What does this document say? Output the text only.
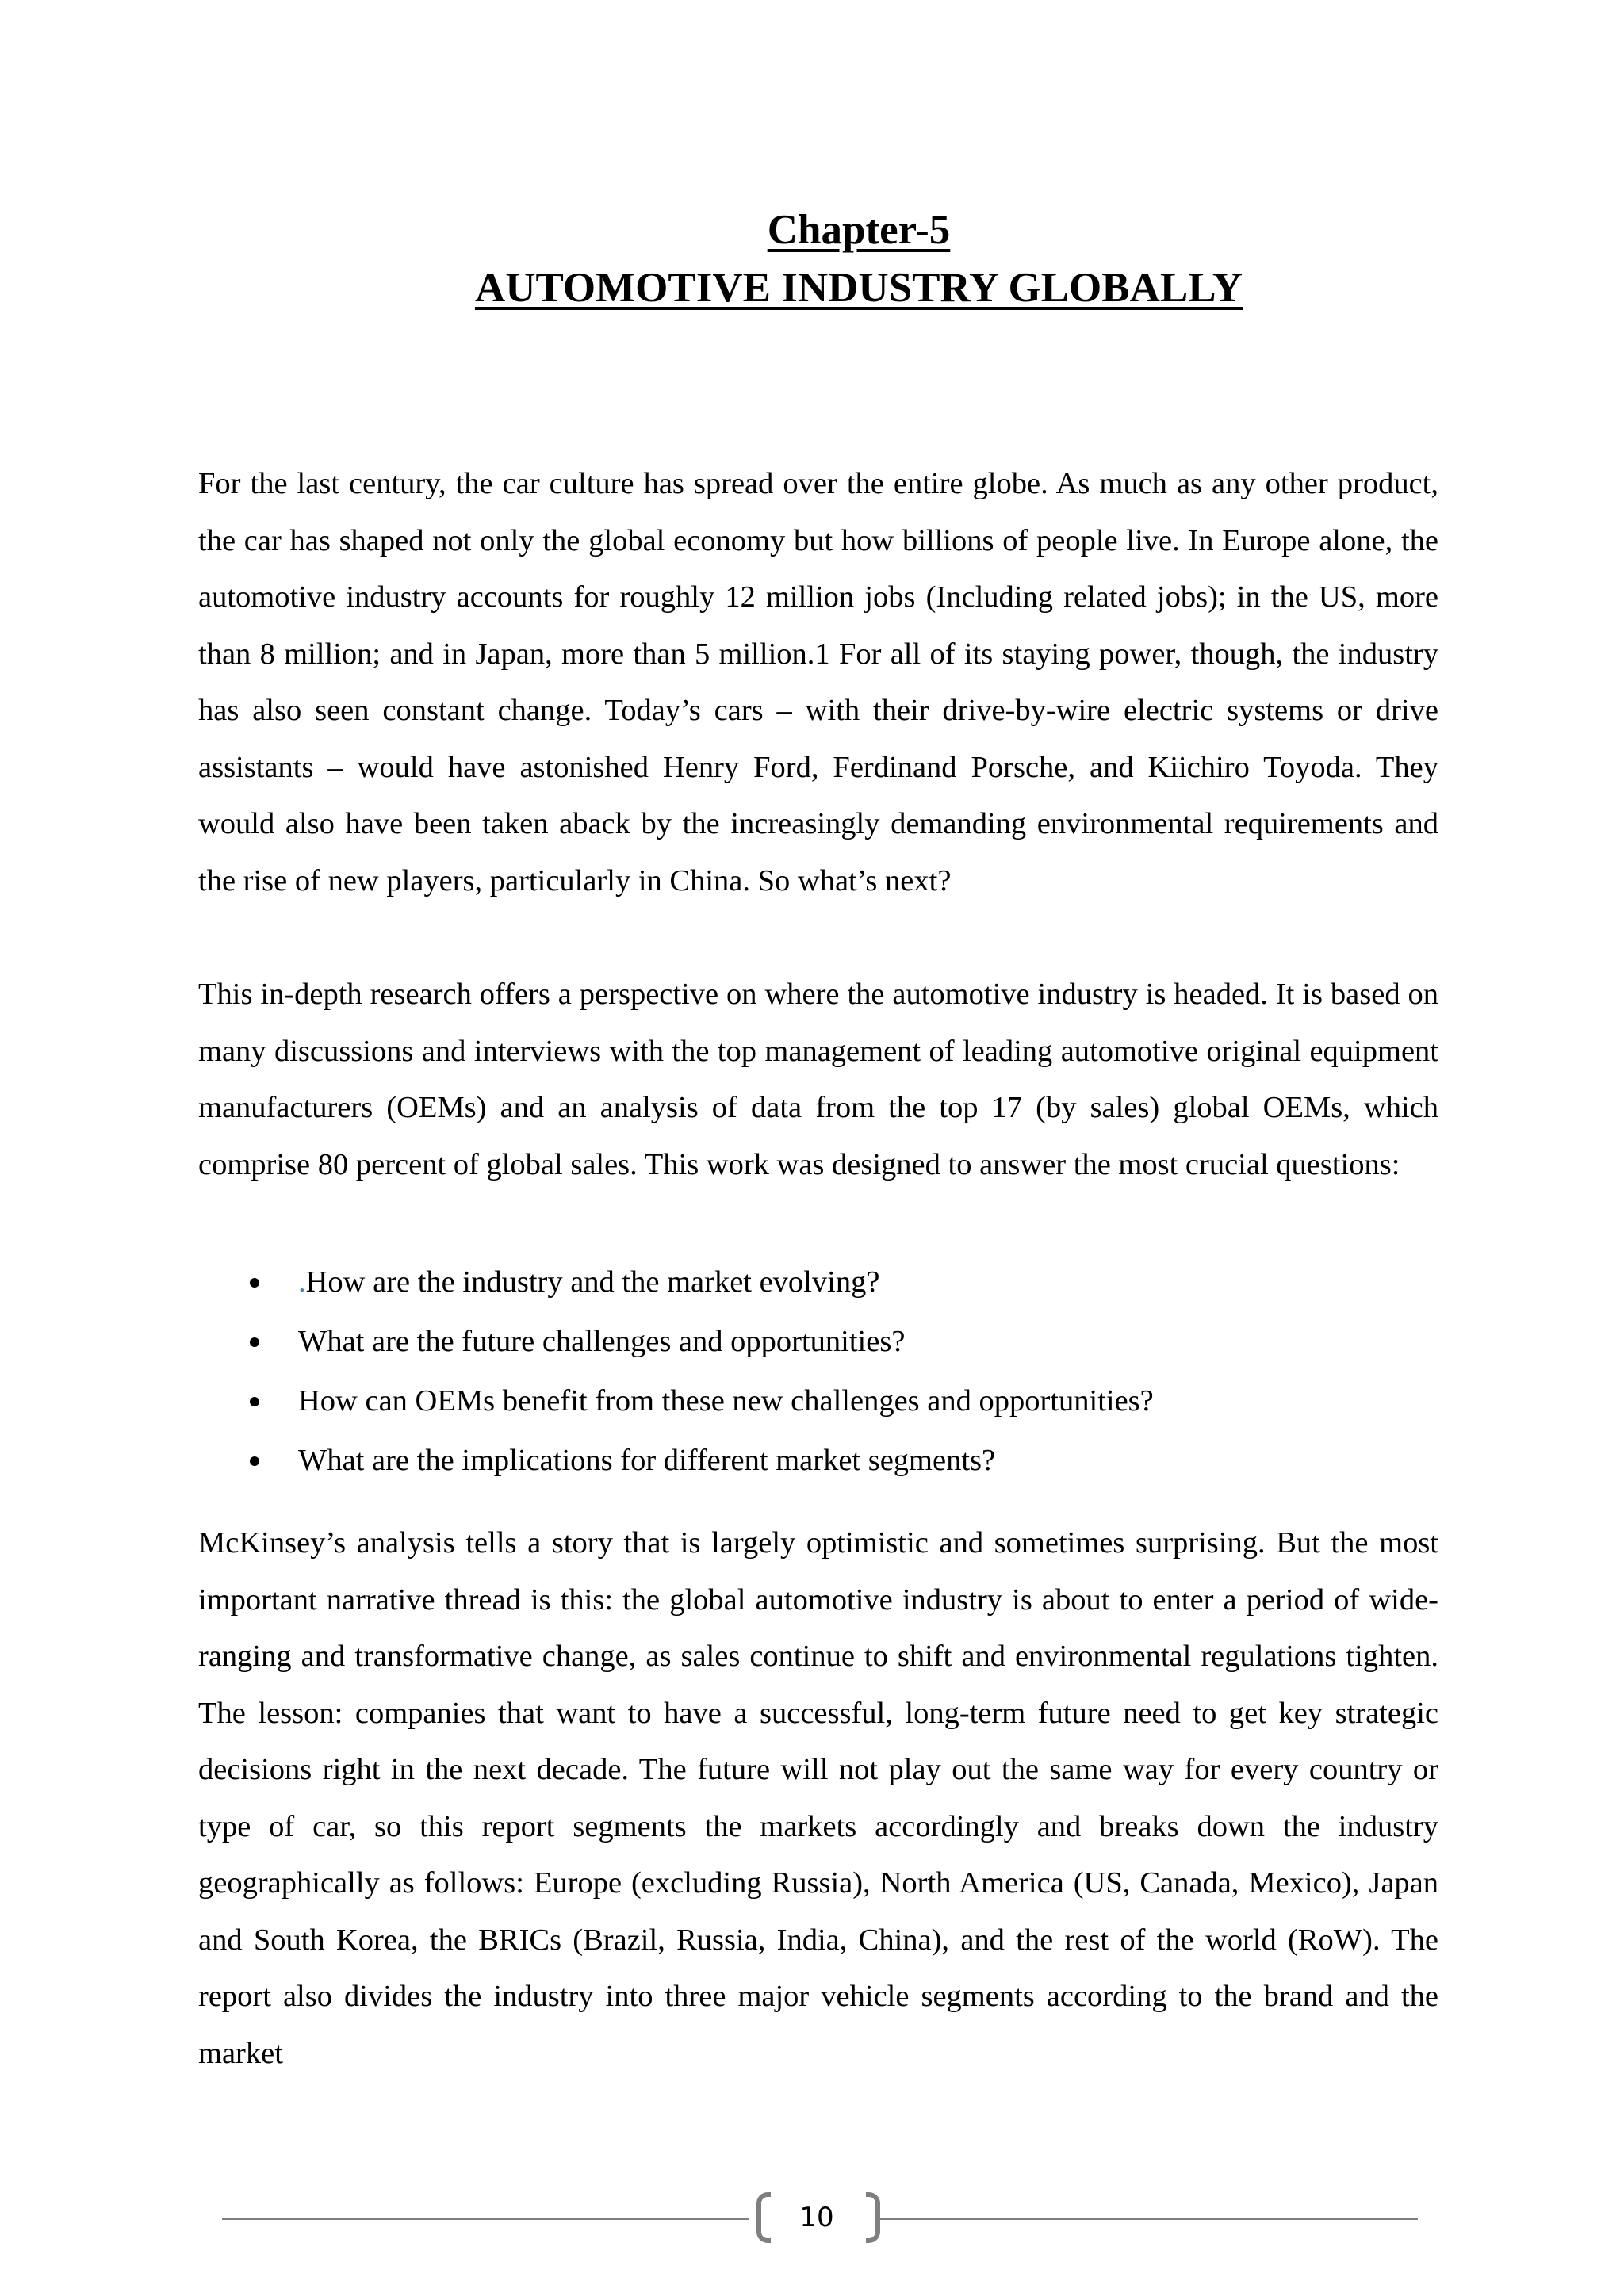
Chapter-5
AUTOMOTIVE INDUSTRY GLOBALLY

For the last century, the car culture has spread over the entire globe. As much as any other product, the car has shaped not only the global economy but how billions of people live. In Europe alone, the automotive industry accounts for roughly 12 million jobs (Including related jobs); in the US, more than 8 million; and in Japan, more than 5 million.1 For all of its staying power, though, the industry has also seen constant change. Today’s cars – with their drive-by-wire electric systems or drive assistants – would have astonished Henry Ford, Ferdinand Porsche, and Kiichiro Toyoda. They would also have been taken aback by the increasingly demanding environmental requirements and the rise of new players, particularly in China. So what’s next?

This in-depth research offers a perspective on where the automotive industry is headed. It is based on many discussions and interviews with the top management of leading automotive original equipment manufacturers (OEMs) and an analysis of data from the top 17 (by sales) global OEMs, which comprise 80 percent of global sales. This work was designed to answer the most crucial questions:

.How are the industry and the market evolving?
What are the future challenges and opportunities?
How can OEMs benefit from these new challenges and opportunities?
What are the implications for different market segments?

McKinsey’s analysis tells a story that is largely optimistic and sometimes surprising. But the most important narrative thread is this: the global automotive industry is about to enter a period of wide-ranging and transformative change, as sales continue to shift and environmental regulations tighten. The lesson: companies that want to have a successful, long-term future need to get key strategic decisions right in the next decade. The future will not play out the same way for every country or type of car, so this report segments the markets accordingly and breaks down the industry geographically as follows: Europe (excluding Russia), North America (US, Canada, Mexico), Japan and South Korea, the BRICs (Brazil, Russia, India, China), and the rest of the world (RoW). The report also divides the industry into three major vehicle segments according to the brand and the market

10
